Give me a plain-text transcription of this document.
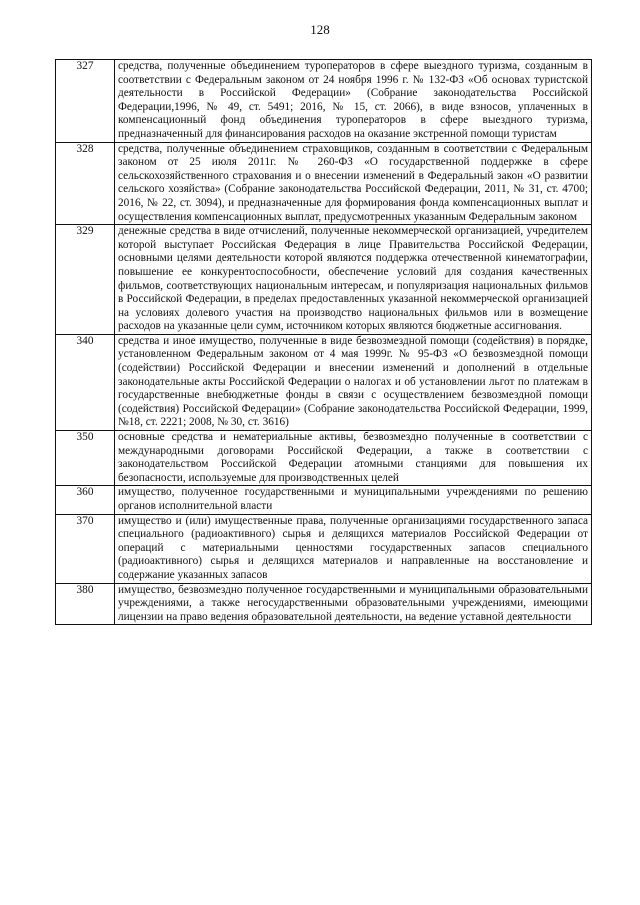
128
327	средства, полученные объединением туроператоров в сфере выездного туризма, созданным в соответствии с Федеральным законом от 24 ноября 1996 г. № 132-ФЗ «Об основах туристской деятельности в Российской Федерации» (Собрание законодательства Российской Федерации,1996, № 49, ст. 5491; 2016, № 15, ст. 2066), в виде взносов, уплаченных в компенсационный фонд объединения туроператоров в сфере выездного туризма, предназначенный для финансирования расходов на оказание экстренной помощи туристам
328	средства, полученные объединением страховщиков, созданным в соответствии с Федеральным законом от 25 июля 2011г. № 260-ФЗ «О государственной поддержке в сфере сельскохозяйственного страхования и о внесении изменений в Федеральный закон «О развитии сельского хозяйства» (Собрание законодательства Российской Федерации, 2011, № 31, ст. 4700; 2016, № 22, ст. 3094), и предназначенные для формирования фонда компенсационных выплат и осуществления компенсационных выплат, предусмотренных указанным Федеральным законом
329	денежные средства в виде отчислений, полученные некоммерческой организацией, учредителем которой выступает Российская Федерация в лице Правительства Российской Федерации, основными целями деятельности которой являются поддержка отечественной кинематографии, повышение ее конкурентоспособности, обеспечение условий для создания качественных фильмов, соответствующих национальным интересам, и популяризация национальных фильмов в Российской Федерации, в пределах предоставленных указанной некоммерческой организацией на условиях долевого участия на производство национальных фильмов или в возмещение расходов на указанные цели сумм, источником которых являются бюджетные ассигнования.
340	средства и иное имущество, полученные в виде безвозмездной помощи (содействия) в порядке, установленном Федеральным законом от 4 мая 1999г. № 95-ФЗ «О безвозмездной помощи (содействии) Российской Федерации и внесении изменений и дополнений в отдельные законодательные акты Российской Федерации о налогах и об установлении льгот по платежам в государственные внебюджетные фонды в связи с осуществлением безвозмездной помощи (содействия) Российской Федерации» (Собрание законодательства Российской Федерации, 1999, №18, ст. 2221; 2008, № 30, ст. 3616)
350	основные средства и нематериальные активы, безвозмездно полученные в соответствии с международными договорами Российской Федерации, а также в соответствии с законодательством Российской Федерации атомными станциями для повышения их безопасности, используемые для производственных целей
360	имущество, полученное государственными и муниципальными учреждениями по решению органов исполнительной власти
370	имущество и (или) имущественные права, полученные организациями государственного запаса специального (радиоактивного) сырья и делящихся материалов Российской Федерации от операций с материальными ценностями государственных запасов специального (радиоактивного) сырья и делящихся материалов и направленные на восстановление и содержание указанных запасов
380	имущество, безвозмездно полученное государственными и муниципальными образовательными учреждениями, а также негосударственными образовательными учреждениями, имеющими лицензии на право ведения образовательной деятельности, на ведение уставной деятельности
